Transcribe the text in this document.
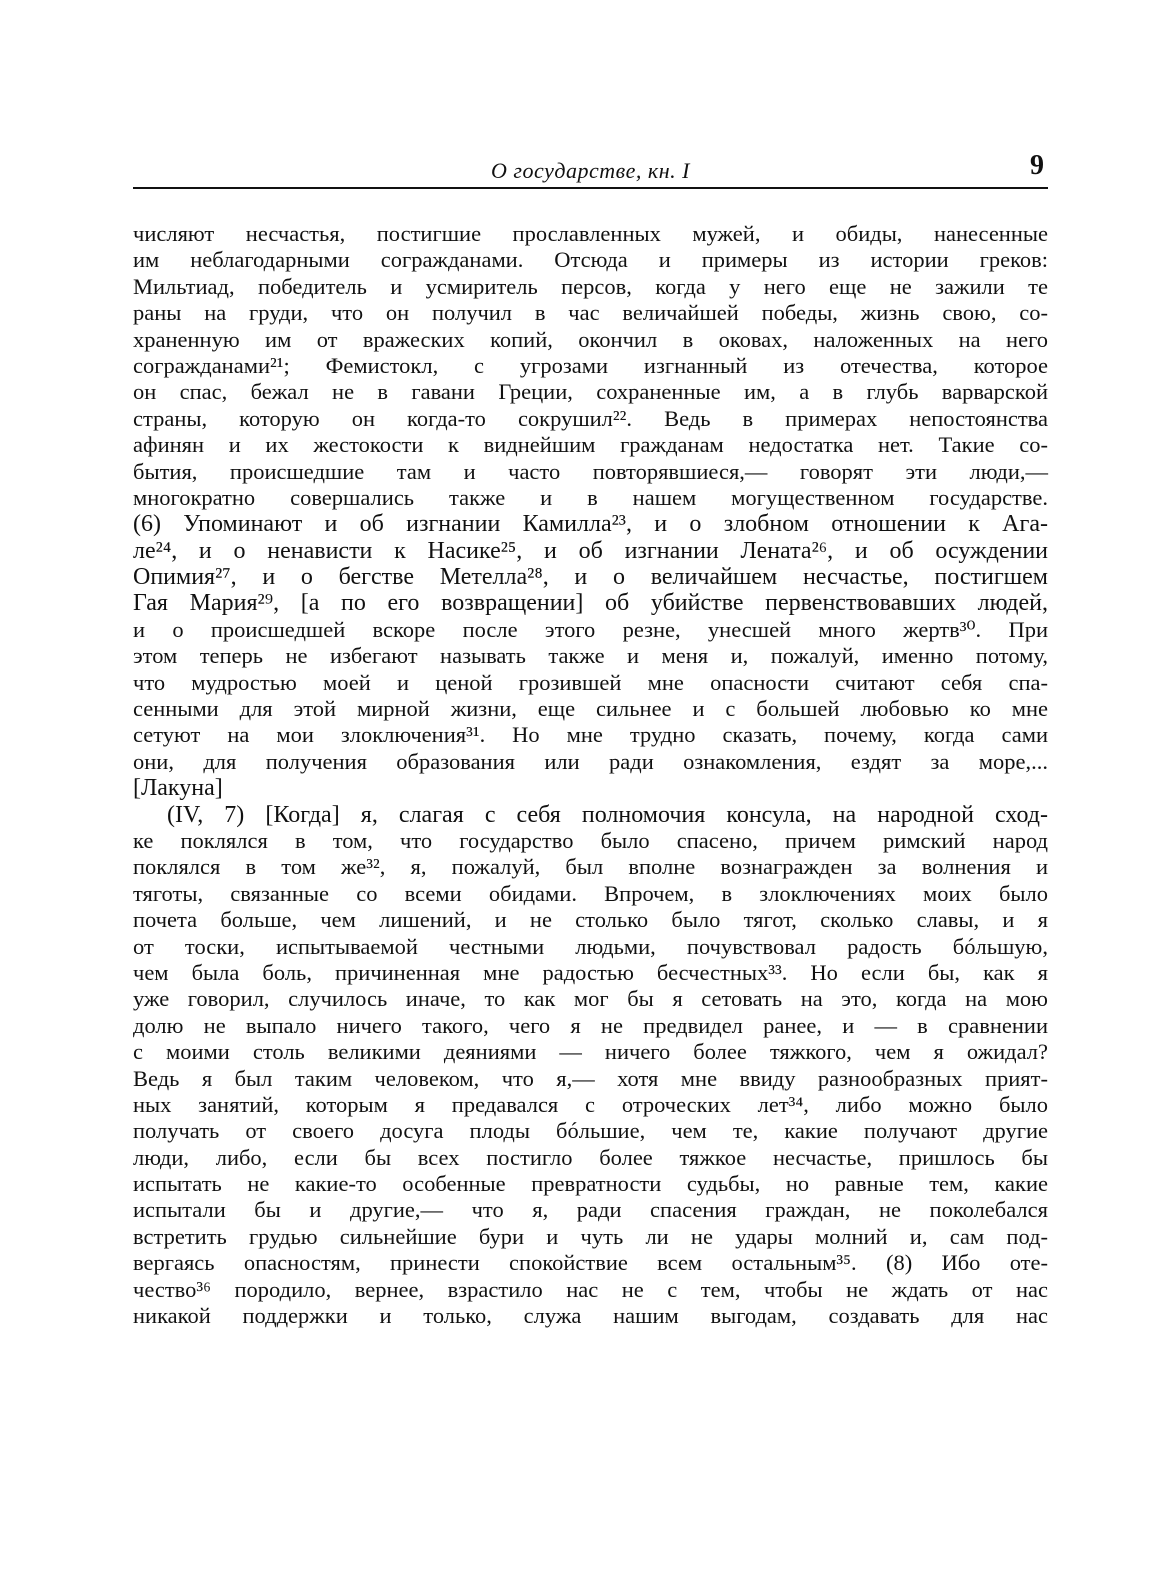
О государстве, кн. I	9
числяют несчастья, постигшие прославленных мужей, и обиды, нанесенные
им неблагодарными согражданами. Отсюда и примеры из истории греков:
Мильтиад, победитель и усмиритель персов, когда у него еще не зажили те
раны на груди, что он получил в час величайшей победы, жизнь свою, со-
храненную им от вражеских копий, окончил в оковах, наложенных на него
согражданами²¹; Фемистокл, с угрозами изгнанный из отечества, которое
он спас, бежал не в гавани Греции, сохраненные им, а в глубь варварской
страны, которую он когда-то сокрушил²². Ведь в примерах непостоянства
афинян и их жестокости к виднейшим гражданам недостатка нет. Такие со-
бытия, происшедшие там и часто повторявшиеся,— говорят эти люди,—
многократно совершались также и в нашем могущественном государстве.
(6) Упоминают и об изгнании Камилла²³, и о злобном отношении к Ага-
ле²⁴, и о ненависти к Насике²⁵, и об изгнании Лената²⁶, и об осуждении
Опимия²⁷, и о бегстве Метелла²⁸, и о величайшем несчастье, постигшем
Гая Мария²⁹, [а по его возвращении] об убийстве первенствовавших людей,
и о происшедшей вскоре после этого резне, унесшей много жертв³⁰. При
этом теперь не избегают называть также и меня и, пожалуй, именно потому,
что мудростью моей и ценой грозившей мне опасности считают себя спа-
сенными для этой мирной жизни, еще сильнее и с большей любовью ко мне
сетуют на мои злоключения³¹. Но мне трудно сказать, почему, когда сами
они, для получения образования или ради ознакомления, ездят за море,...
[Лакуна]
(IV, 7) [Когда] я, слагая с себя полномочия консула, на народной сход-
ке поклялся в том, что государство было спасено, причем римский народ
поклялся в том же³², я, пожалуй, был вполне вознагражден за волнения и
тяготы, связанные со всеми обидами. Впрочем, в злоключениях моих было
почета больше, чем лишений, и не столько было тягот, сколько славы, и я
от тоски, испытываемой честными людьми, почувствовал радость бóльшую,
чем была боль, причиненная мне радостью бесчестных³³. Но если бы, как я
уже говорил, случилось иначе, то как мог бы я сетовать на это, когда на мою
долю не выпало ничего такого, чего я не предвидел ранее, и — в сравнении
с моими столь великими деяниями — ничего более тяжкого, чем я ожидал?
Ведь я был таким человеком, что я,— хотя мне ввиду разнообразных прият-
ных занятий, которым я предавался с отроческих лет³⁴, либо можно было
получать от своего досуга плоды бóльшие, чем те, какие получают другие
люди, либо, если бы всех постигло более тяжкое несчастье, пришлось бы
испытать не какие-то особенные превратности судьбы, но равные тем, какие
испытали бы и другие,— что я, ради спасения граждан, не поколебался
встретить грудью сильнейшие бури и чуть ли не удары молний и, сам под-
вергаясь опасностям, принести спокойствие всем остальным³⁵. (8) Ибо оте-
чество³⁶ породило, вернее, взрастило нас не с тем, чтобы не ждать от нас
никакой поддержки и только, служа нашим выгодам, создавать для нас
